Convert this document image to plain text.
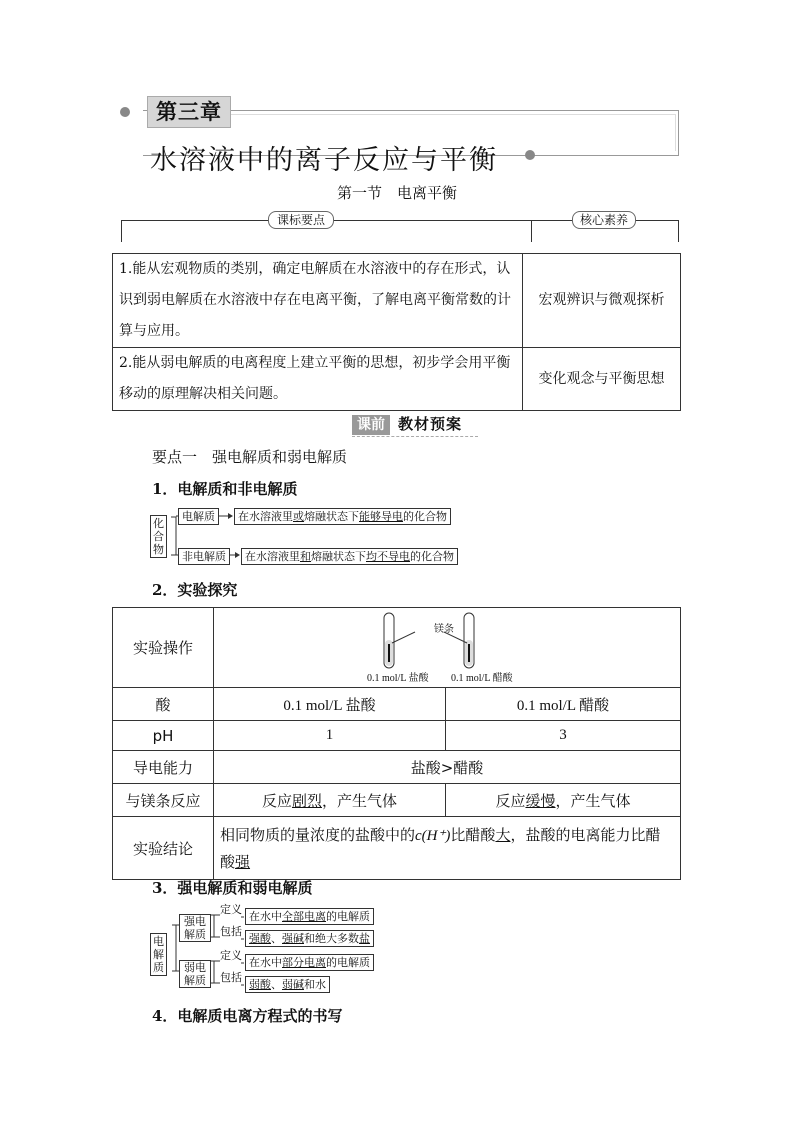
第三章
水溶液中的离子反应与平衡
第一节　电离平衡
课标要点	核心素养
1.能从宏观物质的类别，确定电解质在水溶液中的存在形式，认识到弱电解质在水溶液中存在电离平衡，了解电离平衡常数的计算与应用。	宏观辨识与微观探析
2.能从弱电解质的电离程度上建立平衡的思想，初步学会用平衡移动的原理解决相关问题。	变化观念与平衡思想
课前 教材预案
要点一　强电解质和弱电解质
1．电解质和非电解质
化合物
电解质	在水溶液里或熔融状态下能够导电的化合物
非电解质	在水溶液里和熔融状态下均不导电的化合物
2．实验探究
实验操作	镁条
0.1 mol/L 盐酸 0.1 mol/L 醋酸	

酸	0.1 mol/L 盐酸	0.1 mol/L 醋酸
pH	1	3
导电能力	盐酸>醋酸	
与镁条反应	反应剧烈，产生气体	反应缓慢，产生气体
实验结论	相同物质的量浓度的盐酸中的c(H⁺)比醋酸大，盐酸的电离能力比醋酸强	
3．强电解质和弱电解质
电解质
强电解质
弱电解质
定义
包括
定义
包括
在水中全部电离的电解质
强酸、强碱和绝大多数盐
在水中部分电离的电解质
弱酸、弱碱和水
4．电解质电离方程式的书写
